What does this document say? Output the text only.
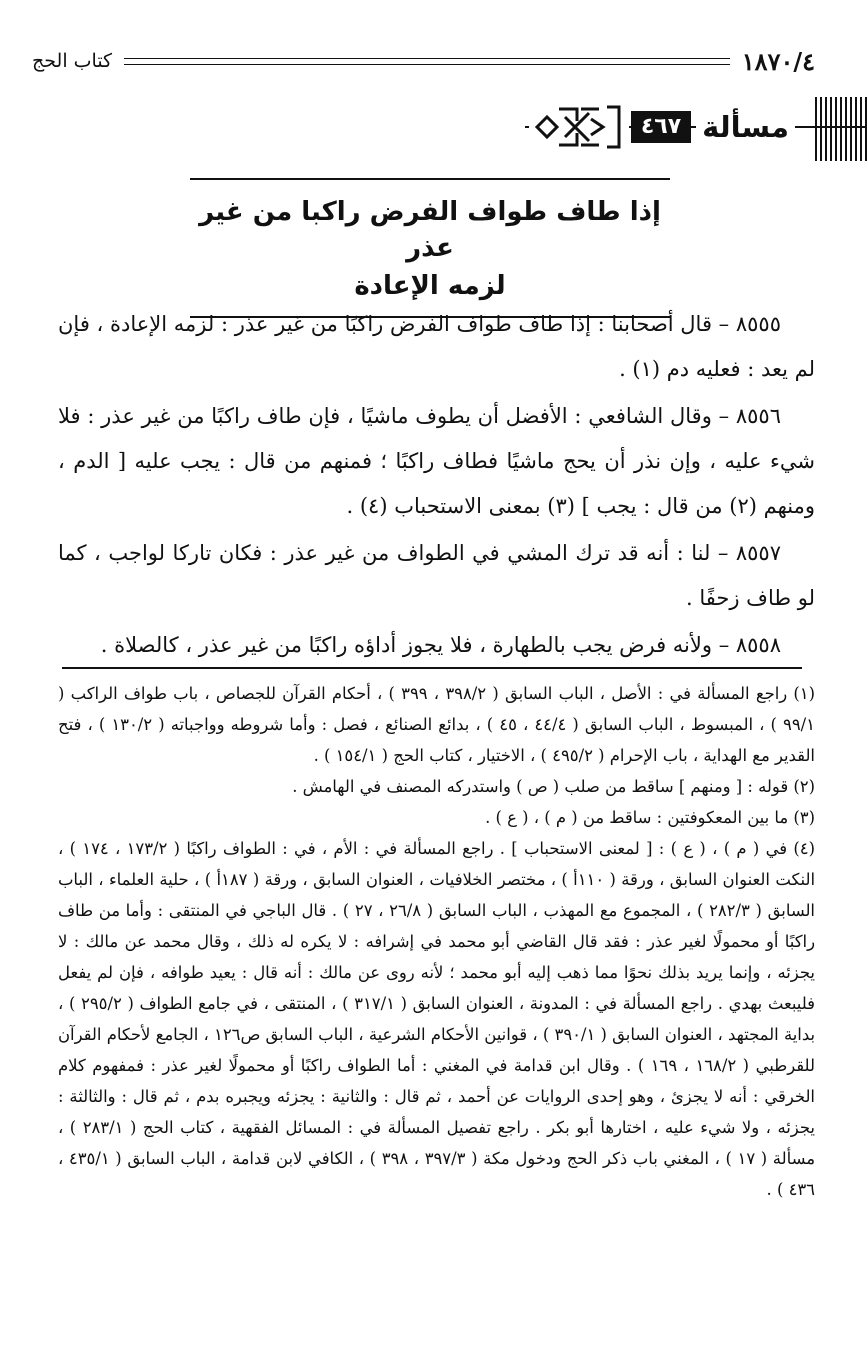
١٨٧٠/٤
كتاب الحج
مسألة
٤٦٧
إذا طاف طواف الفرض راكبا من غير عذر
لزمه الإعادة

٨٥٥٥ – قال أصحابنا : إذا طاف طواف الفرض راكبًا من غير عذر : لزمه الإعادة ، فإن لم يعد : فعليه دم (١) .

٨٥٥٦ – وقال الشافعي : الأفضل أن يطوف ماشيًا ، فإن طاف راكبًا من غير عذر : فلا شيء عليه ، وإن نذر أن يحج ماشيًا فطاف راكبًا ؛ فمنهم من قال : يجب عليه [ الدم ، ومنهم (٢) من قال : يجب ] (٣) بمعنى الاستحباب (٤) .

٨٥٥٧ – لنا : أنه قد ترك المشي في الطواف من غير عذر : فكان تاركا لواجب ، كما لو طاف زحفًا .

٨٥٥٨ – ولأنه فرض يجب بالطهارة ، فلا يجوز أداؤه راكبًا من غير عذر ، كالصلاة .

(١) راجع المسألة في : الأصل ، الباب السابق ( ٣٩٨/٢ ، ٣٩٩ ) ، أحكام القرآن للجصاص ، باب طواف الراكب ( ٩٩/١ ) ، المبسوط ، الباب السابق ( ٤٤/٤ ، ٤٥ ) ، بدائع الصنائع ، فصل : وأما شروطه وواجباته ( ١٣٠/٢ ) ، فتح القدير مع الهداية ، باب الإحرام ( ٤٩٥/٢ ) ، الاختيار ، كتاب الحج ( ١٥٤/١ ) .

(٢) قوله : [ ومنهم ] ساقط من صلب ( ص ) واستدركه المصنف في الهامش .

(٣) ما بين المعكوفتين : ساقط من ( م ) ، ( ع ) .

(٤) في ( م ) ، ( ع ) : [ لمعنى الاستحباب ] . راجع المسألة في : الأم ، في : الطواف راكبًا ( ١٧٣/٢ ، ١٧٤ ) ، النكت العنوان السابق ، ورقة ( ١١٠أ ) ، مختصر الخلافيات ، العنوان السابق ، ورقة ( ١٨٧أ ) ، حلية العلماء ، الباب السابق ( ٢٨٢/٣ ) ، المجموع مع المهذب ، الباب السابق ( ٢٦/٨ ، ٢٧ ) . قال الباجي في المنتقى : وأما من طاف راكبًا أو محمولًا لغير عذر : فقد قال القاضي أبو محمد في إشرافه : لا يكره له ذلك ، وقال محمد عن مالك : لا يجزئه ، وإنما يريد بذلك نحوًا مما ذهب إليه أبو محمد ؛ لأنه روى عن مالك : أنه قال : يعيد طوافه ، فإن لم يفعل فليبعث بهدي . راجع المسألة في : المدونة ، العنوان السابق ( ٣١٧/١ ) ، المنتقى ، في جامع الطواف ( ٢٩٥/٢ ) ، بداية المجتهد ، العنوان السابق ( ٣٩٠/١ ) ، قوانين الأحكام الشرعية ، الباب السابق ص١٢٦ ، الجامع لأحكام القرآن للقرطبي ( ١٦٨/٢ ، ١٦٩ ) . وقال ابن قدامة في المغني : أما الطواف راكبًا أو محمولًا لغير عذر : فمفهوم كلام الخرقي : أنه لا يجزئ ، وهو إحدى الروايات عن أحمد ، ثم قال : والثانية : يجزئه ويجبره بدم ، ثم قال : والثالثة : يجزئه ، ولا شيء عليه ، اختارها أبو بكر . راجع تفصيل المسألة في : المسائل الفقهية ، كتاب الحج ( ٢٨٣/١ ) ، مسألة ( ١٧ ) ، المغني باب ذكر الحج ودخول مكة ( ٣٩٧/٣ ، ٣٩٨ ) ، الكافي لابن قدامة ، الباب السابق ( ٤٣٥/١ ، ٤٣٦ ) .
